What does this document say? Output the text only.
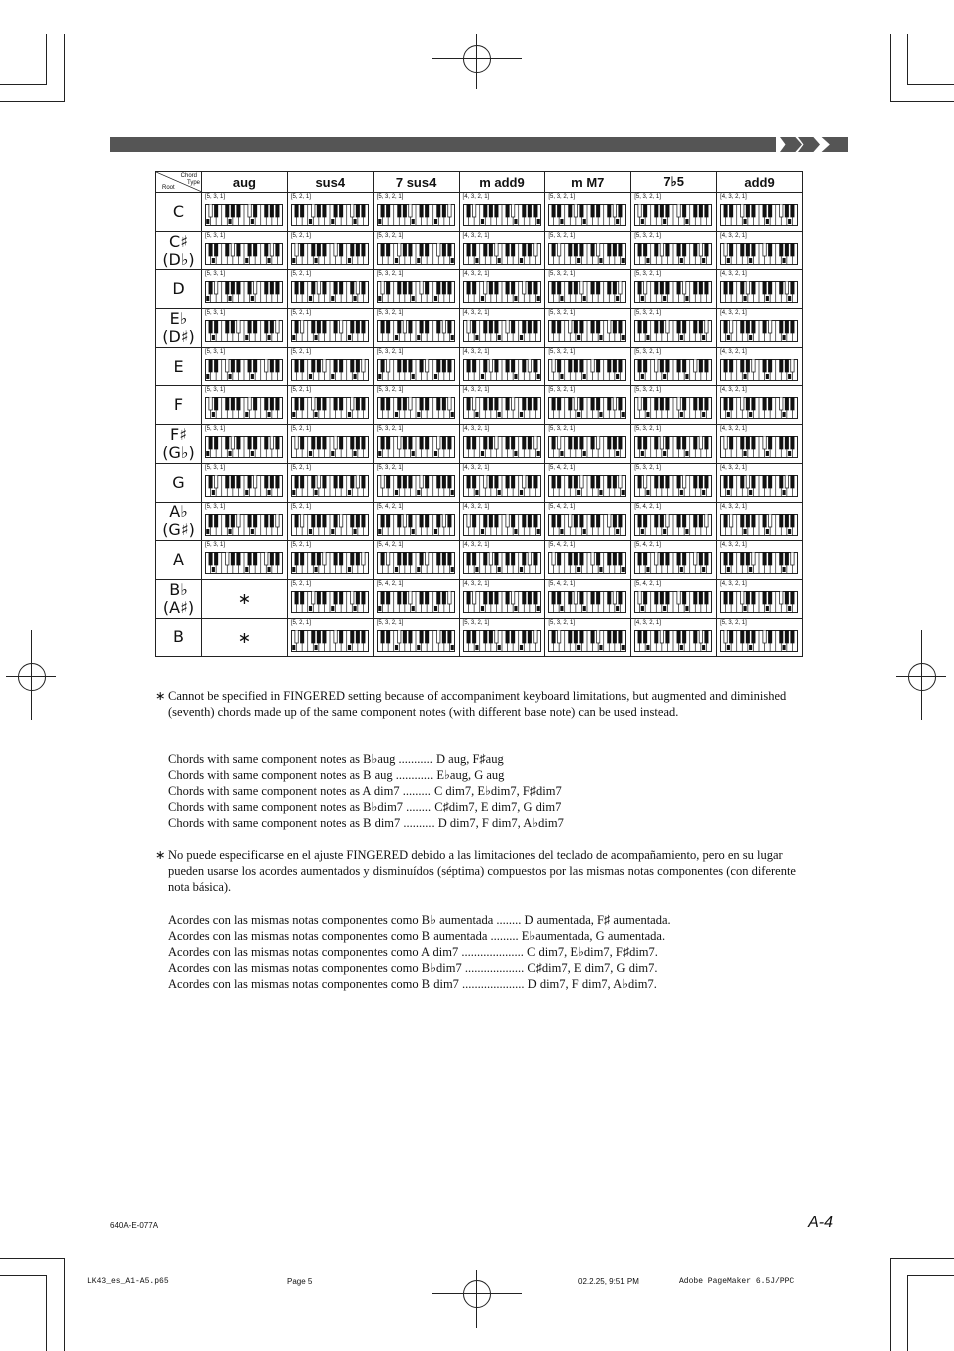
Chord
Type
Root	aug	sus4	7 sus4	m add9	m M7	7♭5	add9
C	[5, 3, 1]	[5, 2, 1]	[5, 3, 2, 1]	[4, 3, 2, 1]	[5, 3, 2, 1]	[5, 3, 2, 1]	[4, 3, 2, 1]

C♯
(D♭)	[5, 3, 1]	[5, 2, 1]	[5, 3, 2, 1]	[4, 3, 2, 1]	[5, 3, 2, 1]	[5, 3, 2, 1]	[4, 3, 2, 1]

D	[5, 3, 1]	[5, 2, 1]	[5, 3, 2, 1]	[4, 3, 2, 1]	[5, 3, 2, 1]	[5, 3, 2, 1]	[4, 3, 2, 1]

E♭
(D♯)	[5, 3, 1]	[5, 2, 1]	[5, 3, 2, 1]	[4, 3, 2, 1]	[5, 3, 2, 1]	[5, 3, 2, 1]	[4, 3, 2, 1]

E	[5, 3, 1]	[5, 2, 1]	[5, 3, 2, 1]	[4, 3, 2, 1]	[5, 3, 2, 1]	[5, 3, 2, 1]	[4, 3, 2, 1]

F	[5, 3, 1]	[5, 2, 1]	[5, 3, 2, 1]	[4, 3, 2, 1]	[5, 3, 2, 1]	[5, 3, 2, 1]	[4, 3, 2, 1]

F♯
(G♭)	[5, 3, 1]	[5, 2, 1]	[5, 3, 2, 1]	[4, 3, 2, 1]	[5, 3, 2, 1]	[5, 3, 2, 1]	[4, 3, 2, 1]

G	[5, 3, 1]	[5, 2, 1]	[5, 3, 2, 1]	[4, 3, 2, 1]	[5, 4, 2, 1]	[5, 3, 2, 1]	[4, 3, 2, 1]

A♭
(G♯)	[5, 3, 1]	[5, 2, 1]	[5, 4, 2, 1]	[4, 3, 2, 1]	[5, 4, 2, 1]	[5, 4, 2, 1]	[4, 3, 2, 1]

A	[5, 3, 1]	[5, 2, 1]	[5, 4, 2, 1]	[4, 3, 2, 1]	[5, 4, 2, 1]	[5, 4, 2, 1]	[4, 3, 2, 1]

B♭
(A♯)	∗	[5, 2, 1]	[5, 4, 2, 1]	[4, 3, 2, 1]	[5, 4, 2, 1]	[5, 4, 2, 1]	[4, 3, 2, 1]

B	∗	[5, 2, 1]	[5, 3, 2, 1]	[5, 3, 2, 1]	[5, 3, 2, 1]	[4, 3, 2, 1]	[5, 3, 2, 1]
∗ Cannot be specified in FINGERED setting because of accompaniment keyboard limitations, but augmented and diminished (seventh) chords made up of the same component notes (with different base note) can be used instead.
Chords with same component notes as B♭aug ........... D aug, F♯aug
Chords with same component notes as B aug ............ E♭aug, G aug
Chords with same component notes as A dim7 ......... C dim7, E♭dim7, F♯dim7
Chords with same component notes as B♭dim7 ........ C♯dim7, E dim7, G dim7
Chords with same component notes as B dim7 .......... D dim7, F dim7, A♭dim7
∗ No puede especificarse en el ajuste FINGERED debido a las limitaciones del teclado de acompañamiento, pero en su lugar pueden usarse los acordes aumentados y disminuídos (séptima) compuestos por las mismas notas componentes (con diferente nota básica).
Acordes con las mismas notas componentes como B♭ aumentada ........ D aumentada, F♯ aumentada.
Acordes con las mismas notas componentes como B aumentada ......... E♭aumentada, G aumentada.
Acordes con las mismas notas componentes como A dim7 .................... C dim7, E♭dim7, F♯dim7.
Acordes con las mismas notas componentes como B♭dim7 ................... C♯dim7, E dim7, G dim7.
Acordes con las mismas notas componentes como B dim7 .................... D dim7, F dim7, A♭dim7.
640A-E-077A	A-4
LK43_es_A1-A5.p65	Page 5	02.2.25, 9:51 PM	Adobe PageMaker 6.5J/PPC
